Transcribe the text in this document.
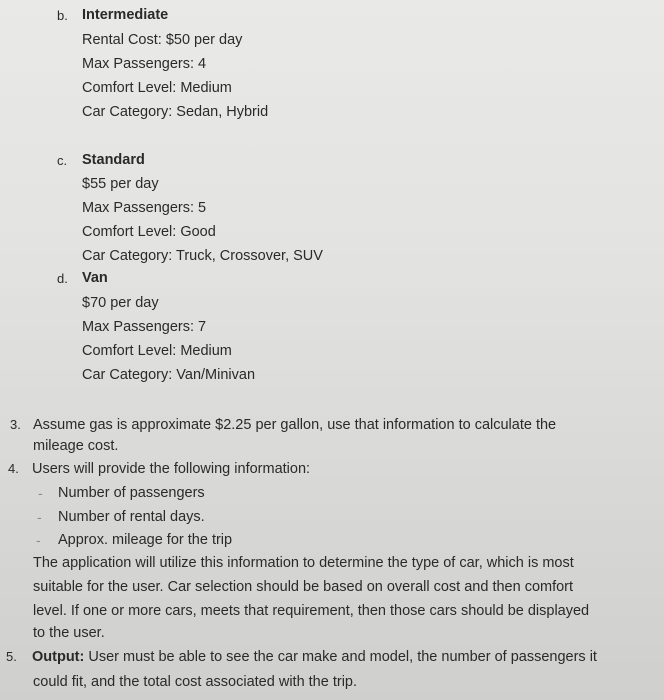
b. Intermediate
Rental Cost: $50 per day
Max Passengers: 4
Comfort Level: Medium
Car Category: Sedan, Hybrid
c. Standard
$55 per day
Max Passengers: 5
Comfort Level: Good
Car Category: Truck, Crossover, SUV
d. Van
$70 per day
Max Passengers: 7
Comfort Level: Medium
Car Category: Van/Minivan
3. Assume gas is approximate $2.25 per gallon, use that information to calculate the
mileage cost.
4. Users will provide the following information:
- Number of passengers
- Number of rental days.
- Approx. mileage for the trip
The application will utilize this information to determine the type of car, which is most
suitable for the user. Car selection should be based on overall cost and then comfort
level. If one or more cars, meets that requirement, then those cars should be displayed
to the user.
5. Output: User must be able to see the car make and model, the number of passengers it
could fit, and the total cost associated with the trip.
